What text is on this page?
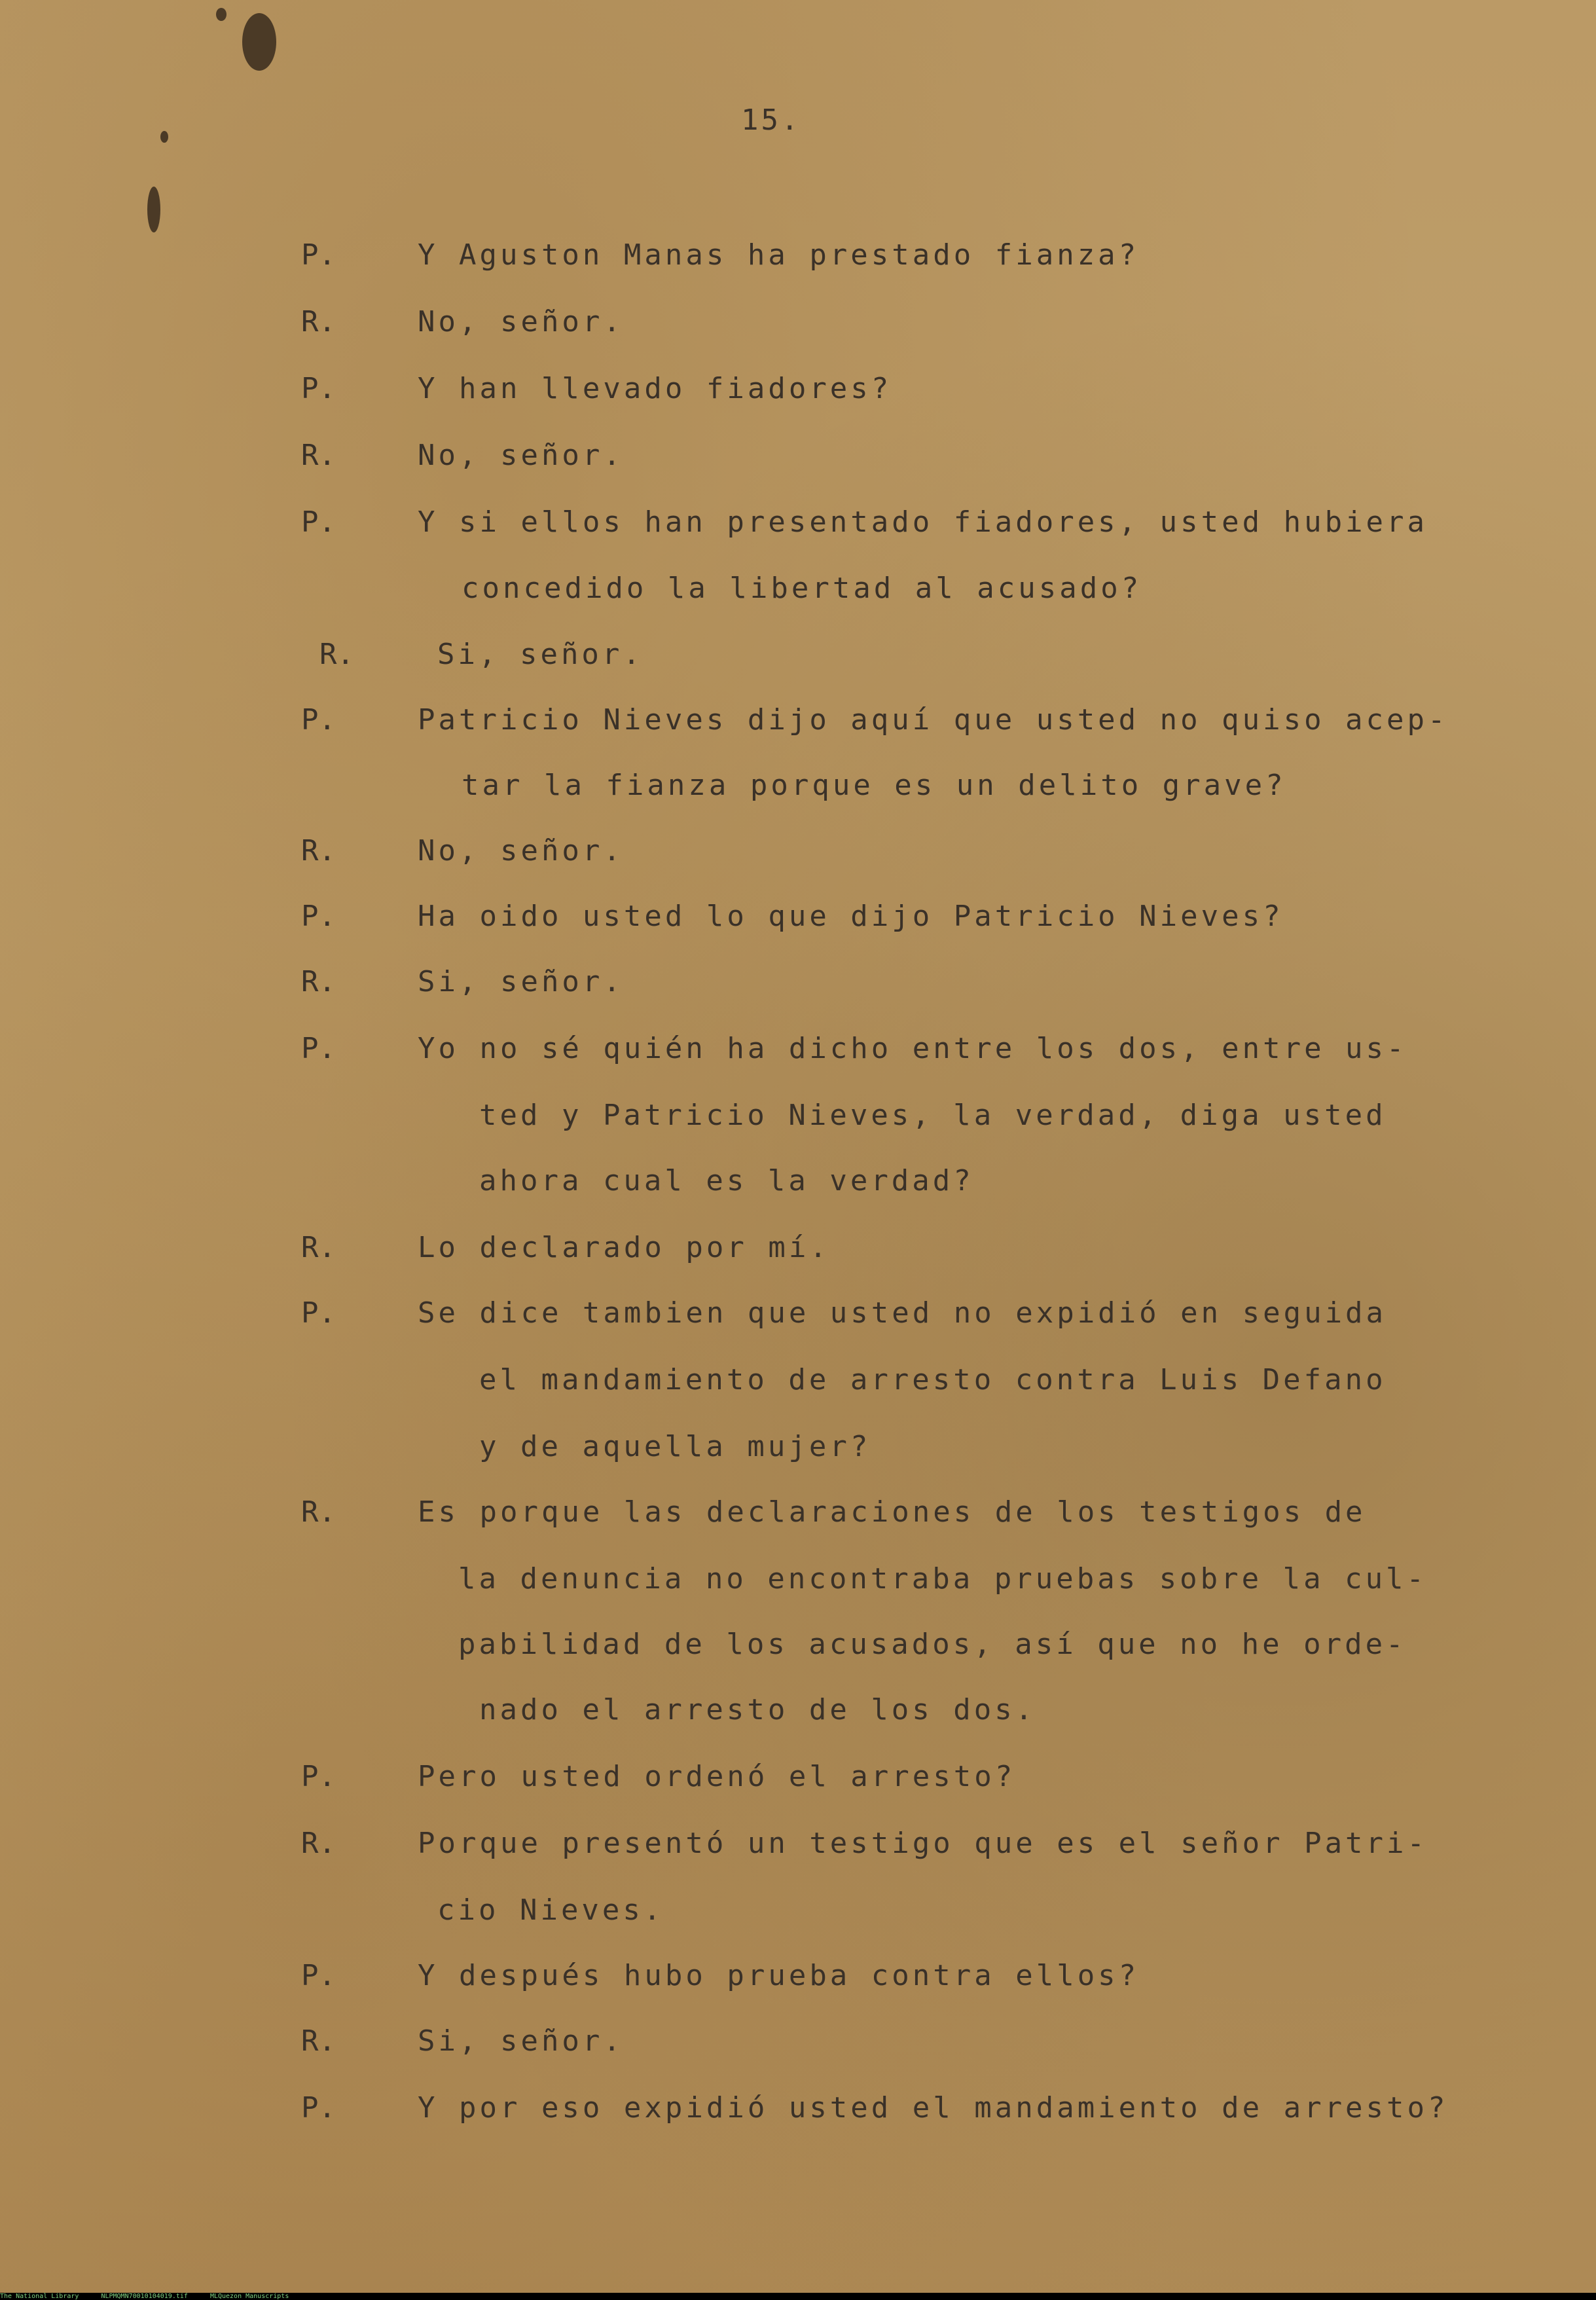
15.
P.	Y Aguston Manas ha prestado fianza?
R.	No, señor.
P.	Y han llevado fiadores?
R.	No, señor.
P.	Y si ellos han presentado fiadores, usted hubiera
concedido la libertad al acusado?
R.	Si, señor.
P.	Patricio Nieves dijo aquí que usted no quiso acep-
tar la fianza porque es un delito grave?
R.	No, señor.
P.	Ha oido usted lo que dijo Patricio Nieves?
R.	Si, señor.
P.	Yo no sé quién ha dicho entre los dos, entre us-
ted y Patricio Nieves, la verdad, diga usted
ahora cual es la verdad?
R.	Lo declarado por mí.
P.	Se dice tambien que usted no expidió en seguida
el mandamiento de arresto contra Luis Defano
y de aquella mujer?
R.	Es porque las declaraciones de los testigos de
la denuncia no encontraba pruebas sobre la cul-
pabilidad de los acusados, así que no he orde-
nado el arresto de los dos.
P.	Pero usted ordenó el arresto?
R.	Porque presentó un testigo que es el señor Patri-
cio Nieves.
P.	Y después hubo prueba contra ellos?
R.	Si, señor.
P.	Y por eso expidió usted el mandamiento de arresto?
The National Library	NLPMQMN70010104019.tif	MLQuezon Manuscripts
